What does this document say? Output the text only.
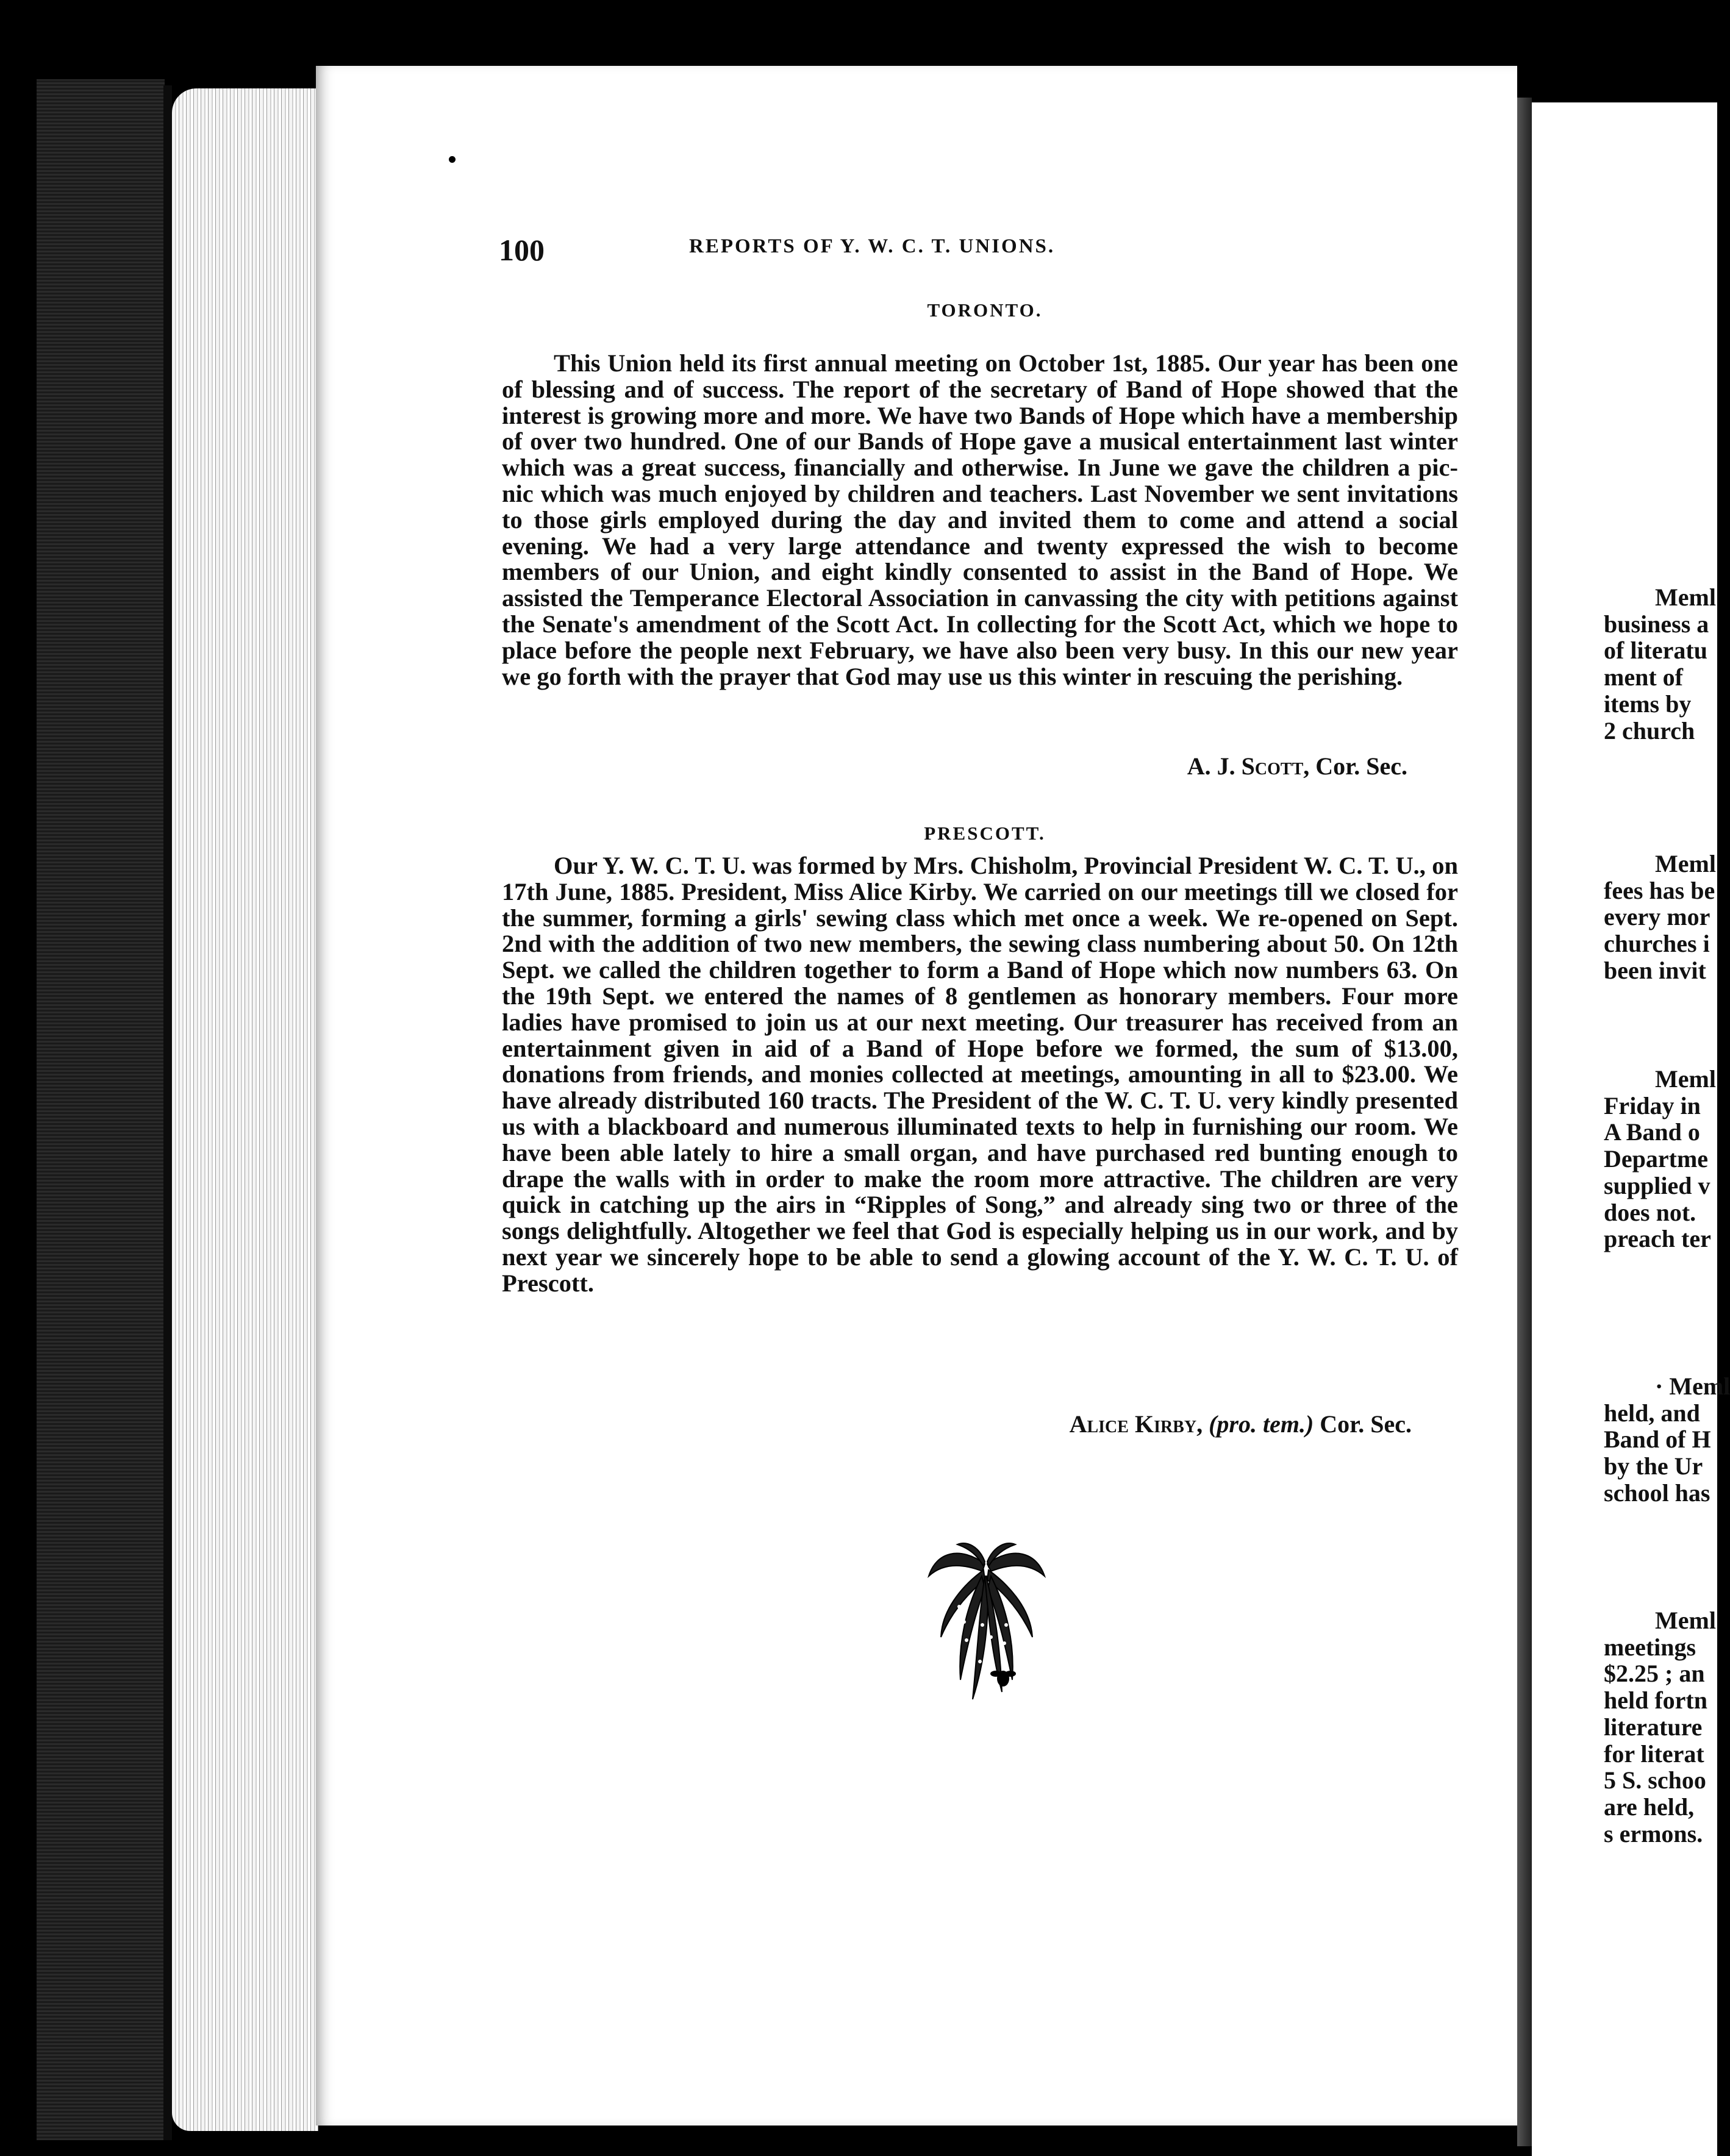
100	REPORTS OF Y. W. C. T. UNIONS.
TORONTO.

This Union held its first annual meeting on October 1st, 1885. Our year has been one of blessing and of success. The report of the secretary of Band of Hope showed that the interest is growing more and more. We have two Bands of Hope which have a membership of over two hundred. One of our Bands of Hope gave a musical entertainment last winter which was a great success, financially and otherwise. In June we gave the children a pic-nic which was much enjoyed by children and teachers. Last November we sent invitations to those girls employed during the day and invited them to come and attend a social evening. We had a very large attendance and twenty expressed the wish to become members of our Union, and eight kindly consented to assist in the Band of Hope. We assisted the Temperance Electoral Association in canvassing the city with petitions against the Senate's amendment of the Scott Act. In collecting for the Scott Act, which we hope to place before the people next February, we have also been very busy. In this our new year we go forth with the prayer that God may use us this winter in rescuing the perishing.

A. J. Scott, Cor. Sec.
PRESCOTT.

Our Y. W. C. T. U. was formed by Mrs. Chisholm, Provincial President W. C. T. U., on 17th June, 1885. President, Miss Alice Kirby. We carried on our meetings till we closed for the summer, forming a girls' sewing class which met once a week. We re-opened on Sept. 2nd with the addition of two new members, the sewing class numbering about 50. On 12th Sept. we called the children together to form a Band of Hope which now numbers 63. On the 19th Sept. we entered the names of 8 gentlemen as honorary members. Four more ladies have promised to join us at our next meeting. Our treasurer has received from an entertainment given in aid of a Band of Hope before we formed, the sum of $13.00, donations from friends, and monies collected at meetings, amounting in all to $23.00. We have already distributed 160 tracts. The President of the W. C. T. U. very kindly presented us with a blackboard and numerous illuminated texts to help in furnishing our room. We have been able lately to hire a small organ, and have purchased red bunting enough to drape the walls with in order to make the room more attractive. The children are very quick in catching up the airs in “Ripples of Song,” and already sing two or three of the songs delightfully. Altogether we feel that God is especially helping us in our work, and by next year we sincerely hope to be able to send a glowing account of the Y. W. C. T. U. of Prescott.

Alice Kirby, (pro. tem.) Cor. Sec.

Meml

business a

of literatu

ment of

items by

2 church

Meml

fees has be

every mor

churches i

been invit

Meml

Friday in

A Band o

Departme

supplied v

does not.

preach ter

· Meml

held, and

Band of H

by the Ur

school has

Meml

meetings

$2.25 ; an

held fortn

literature

for literat

5 S. schoo

are held,

s ermons.
